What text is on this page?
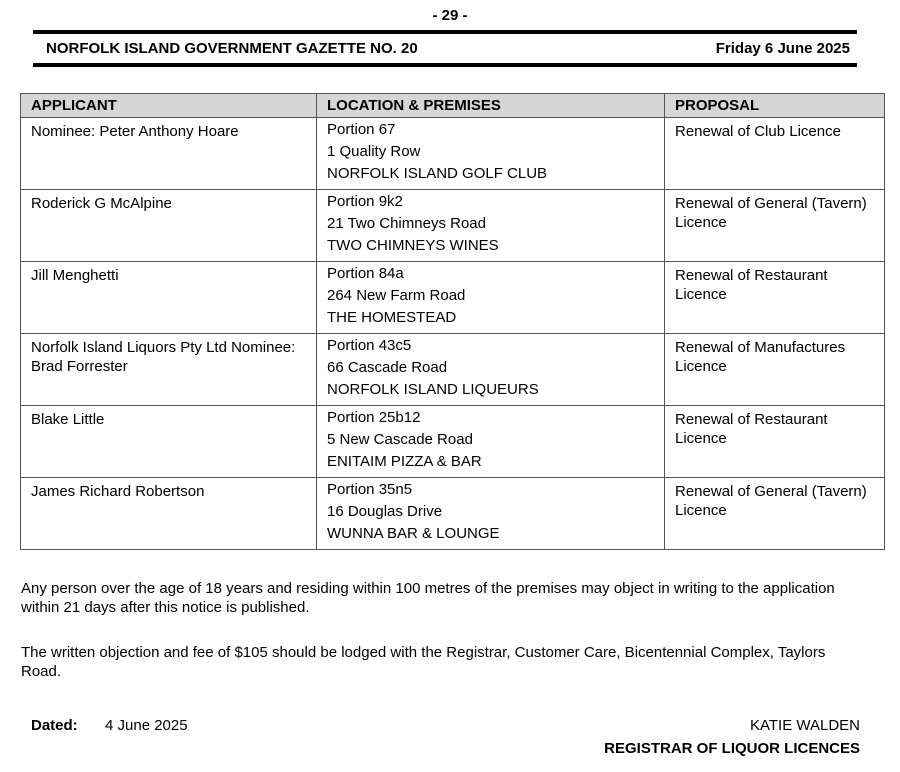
- 29 -
NORFOLK ISLAND GOVERNMENT GAZETTE NO. 20	Friday 6 June 2025
APPLICANT	LOCATION & PREMISES	PROPOSAL
Nominee: Peter Anthony Hoare	Portion 67
1 Quality Row
NORFOLK ISLAND GOLF CLUB	Renewal of Club Licence
Roderick G McAlpine	Portion 9k2
21 Two Chimneys Road
TWO CHIMNEYS WINES	Renewal of General (Tavern) Licence
Jill Menghetti	Portion 84a
264 New Farm Road
THE HOMESTEAD	Renewal of Restaurant Licence
Norfolk Island Liquors Pty Ltd Nominee: Brad Forrester	Portion 43c5
66 Cascade Road
NORFOLK ISLAND LIQUEURS	Renewal of Manufactures Licence
Blake Little	Portion 25b12
5 New Cascade Road
ENITAIM PIZZA & BAR	Renewal of Restaurant Licence
James Richard Robertson	Portion 35n5
16 Douglas Drive
WUNNA BAR & LOUNGE	Renewal of General (Tavern) Licence
Any person over the age of 18 years and residing within 100 metres of the premises may object in writing to the application within 21 days after this notice is published.
The written objection and fee of $105 should be lodged with the Registrar, Customer Care, Bicentennial Complex, Taylors Road.
Dated: 4 June 2025	KATIE WALDEN
REGISTRAR OF LIQUOR LICENCES
